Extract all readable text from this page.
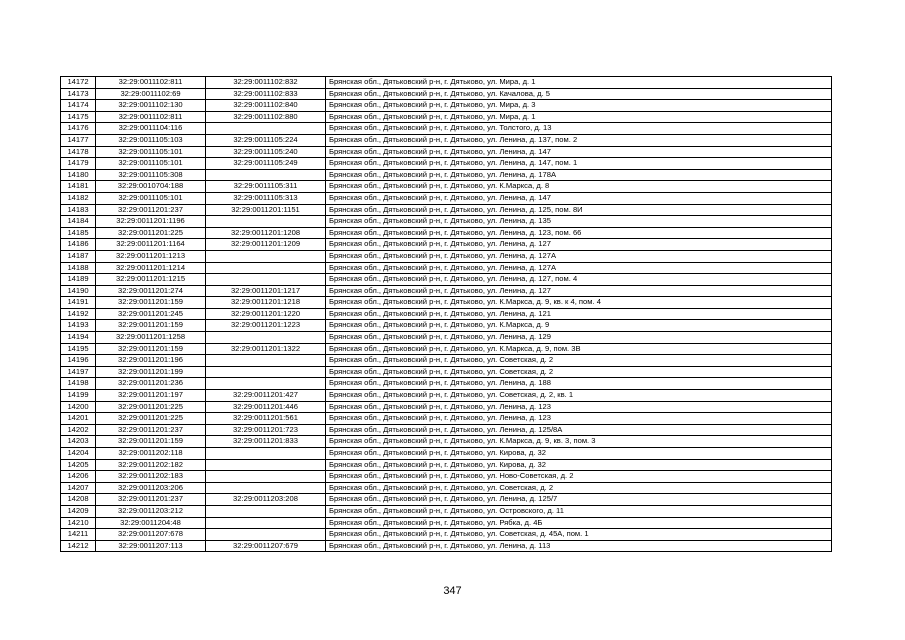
14172	32:29:0011102:811	32:29:0011102:832	Брянская обл., Дятьковский р-н, г. Дятьково, ул. Мира, д. 1
14173	32:29:0011102:69	32:29:0011102:833	Брянская обл., Дятьковский р-н, г. Дятьково, ул. Качалова, д. 5
14174	32:29:0011102:130	32:29:0011102:840	Брянская обл., Дятьковский р-н, г. Дятьково, ул. Мира, д. 3
14175	32:29:0011102:811	32:29:0011102:880	Брянская обл., Дятьковский р-н, г. Дятьково, ул. Мира, д. 1
14176	32:29:0011104:116		Брянская обл., Дятьковский р-н, г. Дятьково, ул. Толстого, д. 13
14177	32:29:0011105:103	32:29:0011105:224	Брянская обл., Дятьковский р-н, г. Дятьково, ул. Ленина, д. 137, пом. 2
14178	32:29:0011105:101	32:29:0011105:240	Брянская обл., Дятьковский р-н, г. Дятьково, ул. Ленина, д. 147
14179	32:29:0011105:101	32:29:0011105:249	Брянская обл., Дятьковский р-н, г. Дятьково, ул. Ленина, д. 147, пом. 1
14180	32:29:0011105:308		Брянская обл., Дятьковский р-н, г. Дятьково, ул. Ленина, д. 178А
14181	32:29:0010704:188	32:29:0011105:311	Брянская обл., Дятьковский р-н, г. Дятьково, ул. К.Маркса, д. 8
14182	32:29:0011105:101	32:29:0011105:313	Брянская обл., Дятьковский р-н, г. Дятьково, ул. Ленина, д. 147
14183	32:29:0011201:237	32:29:0011201:1151	Брянская обл., Дятьковский р-н, г. Дятьково, ул. Ленина, д. 125, пом. 8И
14184	32:29:0011201:1196		Брянская обл., Дятьковский р-н, г. Дятьково, ул. Ленина, д. 135
14185	32:29:0011201:225	32:29:0011201:1208	Брянская обл., Дятьковский р-н, г. Дятьково, ул. Ленина, д. 123, пом. 66
14186	32:29:0011201:1164	32:29:0011201:1209	Брянская обл., Дятьковский р-н, г. Дятьково, ул. Ленина, д. 127
14187	32:29:0011201:1213		Брянская обл., Дятьковский р-н, г. Дятьково, ул. Ленина, д. 127А
14188	32:29:0011201:1214		Брянская обл., Дятьковский р-н, г. Дятьково, ул. Ленина, д. 127А
14189	32:29:0011201:1215		Брянская обл., Дятьковский р-н, г. Дятьково, ул. Ленина, д. 127, пом. 4
14190	32:29:0011201:274	32:29:0011201:1217	Брянская обл., Дятьковский р-н, г. Дятьково, ул. Ленина, д. 127
14191	32:29:0011201:159	32:29:0011201:1218	Брянская обл., Дятьковский р-н, г. Дятьково, ул. К.Маркса, д. 9, кв. к 4, пом. 4
14192	32:29:0011201:245	32:29:0011201:1220	Брянская обл., Дятьковский р-н, г. Дятьково, ул. Ленина, д. 121
14193	32:29:0011201:159	32:29:0011201:1223	Брянская обл., Дятьковский р-н, г. Дятьково, ул. К.Маркса, д. 9
14194	32:29:0011201:1258		Брянская обл., Дятьковский р-н, г. Дятьково, ул. Ленина, д. 129
14195	32:29:0011201:159	32:29:0011201:1322	Брянская обл., Дятьковский р-н, г. Дятьково, ул. К.Маркса, д. 9, пом. 3В
14196	32:29:0011201:196		Брянская обл., Дятьковский р-н, г. Дятьково, ул. Советская, д. 2
14197	32:29:0011201:199		Брянская обл., Дятьковский р-н, г. Дятьково, ул. Советская, д. 2
14198	32:29:0011201:236		Брянская обл., Дятьковский р-н, г. Дятьково, ул. Ленина, д. 188
14199	32:29:0011201:197	32:29:0011201:427	Брянская обл., Дятьковский р-н, г. Дятьково, ул. Советская, д. 2, кв. 1
14200	32:29:0011201:225	32:29:0011201:446	Брянская обл., Дятьковский р-н, г. Дятьково, ул. Ленина, д. 123
14201	32:29:0011201:225	32:29:0011201:561	Брянская обл., Дятьковский р-н, г. Дятьково, ул. Ленина, д. 123
14202	32:29:0011201:237	32:29:0011201:723	Брянская обл., Дятьковский р-н, г. Дятьково, ул. Ленина, д. 125/8А
14203	32:29:0011201:159	32:29:0011201:833	Брянская обл., Дятьковский р-н, г. Дятьково, ул. К.Маркса, д. 9, кв. 3, пом. 3
14204	32:29:0011202:118		Брянская обл., Дятьковский р-н, г. Дятьково, ул. Кирова, д. 32
14205	32:29:0011202:182		Брянская обл., Дятьковский р-н, г. Дятьково, ул. Кирова, д. 32
14206	32:29:0011202:183		Брянская обл., Дятьковский р-н, г. Дятьково, ул. Ново-Советская, д. 2
14207	32:29:0011203:206		Брянская обл., Дятьковский р-н, г. Дятьково, ул. Советская, д. 2
14208	32:29:0011201:237	32:29:0011203:208	Брянская обл., Дятьковский р-н, г. Дятьково, ул. Ленина, д. 125/7
14209	32:29:0011203:212		Брянская обл., Дятьковский р-н, г. Дятьково, ул. Островского, д. 11
14210	32:29:0011204:48		Брянская обл., Дятьковский р-н, г. Дятьково, ул. Рябка, д. 4Б
14211	32:29:0011207:678		Брянская обл., Дятьковский р-н, г. Дятьково, ул. Советская, д. 45А, пом. 1
14212	32:29:0011207:113	32:29:0011207:679	Брянская обл., Дятьковский р-н, г. Дятьково, ул. Ленина, д. 113
347
